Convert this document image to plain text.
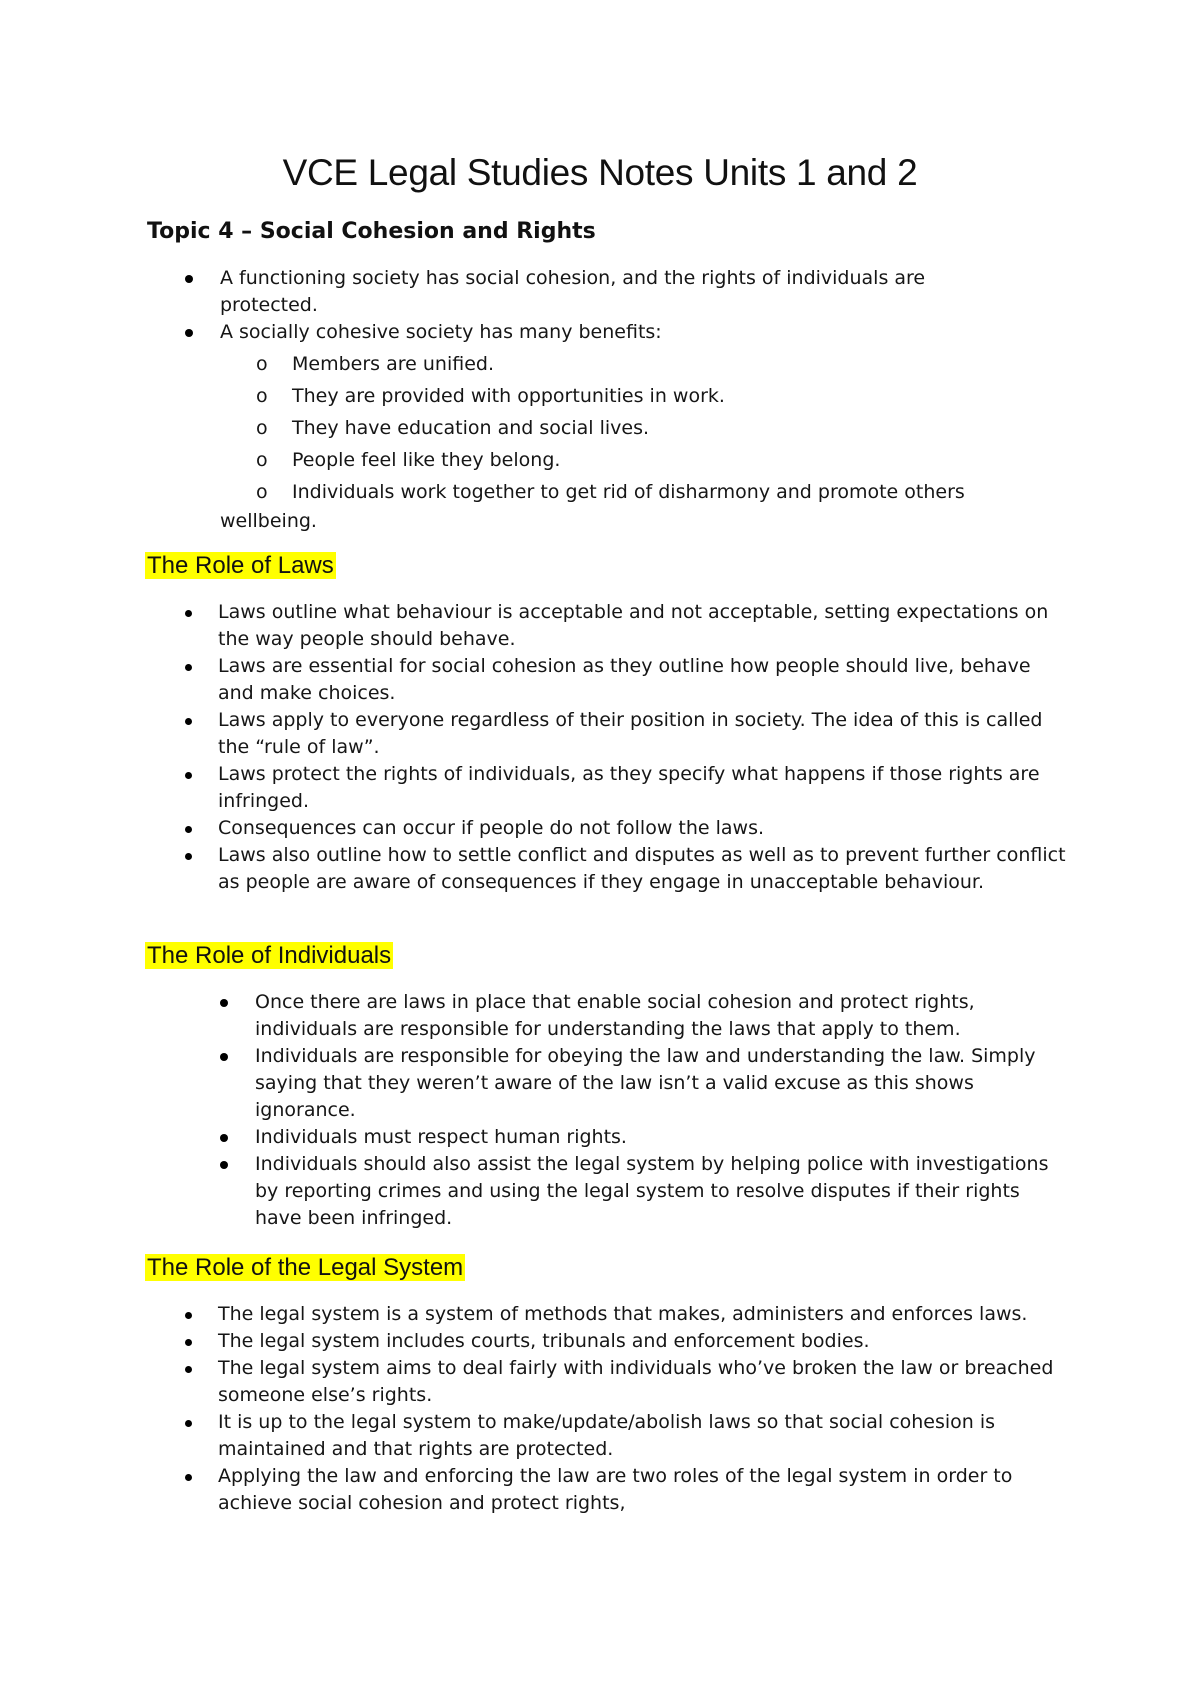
VCE Legal Studies Notes Units 1 and 2
Topic 4 – Social Cohesion and Rights
A functioning society has social cohesion, and the rights of individuals are protected.
A socially cohesive society has many benefits:
o Members are unified.
o They are provided with opportunities in work.
o They have education and social lives.
o People feel like they belong.
o Individuals work together to get rid of disharmony and promote others
wellbeing.
The Role of Laws
Laws outline what behaviour is acceptable and not acceptable, setting expectations on the way people should behave.
Laws are essential for social cohesion as they outline how people should live, behave and make choices.
Laws apply to everyone regardless of their position in society. The idea of this is called the “rule of law”.
Laws protect the rights of individuals, as they specify what happens if those rights are infringed.
Consequences can occur if people do not follow the laws.
Laws also outline how to settle conflict and disputes as well as to prevent further conflict as people are aware of consequences if they engage in unacceptable behaviour.
The Role of Individuals
Once there are laws in place that enable social cohesion and protect rights, individuals are responsible for understanding the laws that apply to them.
Individuals are responsible for obeying the law and understanding the law. Simply saying that they weren’t aware of the law isn’t a valid excuse as this shows ignorance.
Individuals must respect human rights.
Individuals should also assist the legal system by helping police with investigations by reporting crimes and using the legal system to resolve disputes if their rights have been infringed.
The Role of the Legal System
The legal system is a system of methods that makes, administers and enforces laws.
The legal system includes courts, tribunals and enforcement bodies.
The legal system aims to deal fairly with individuals who’ve broken the law or breached someone else’s rights.
It is up to the legal system to make/update/abolish laws so that social cohesion is maintained and that rights are protected.
Applying the law and enforcing the law are two roles of the legal system in order to achieve social cohesion and protect rights,
